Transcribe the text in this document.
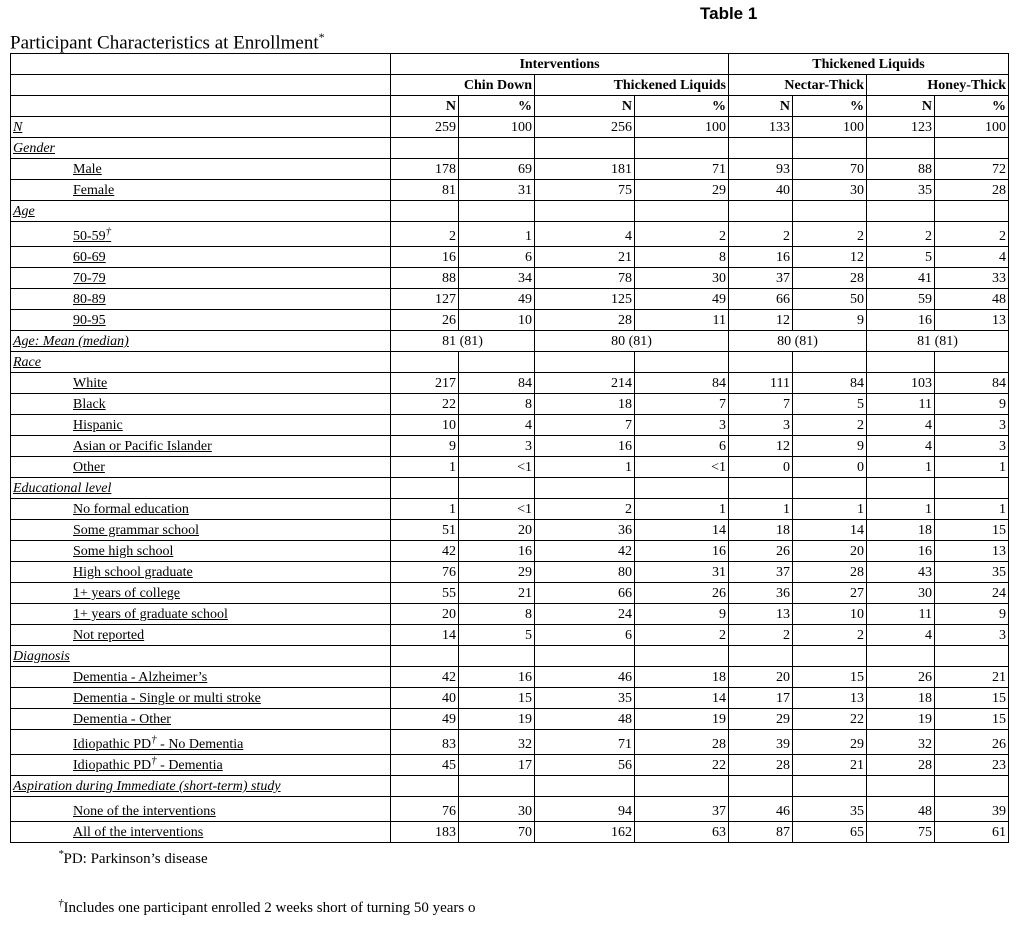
Table 1
Participant Characteristics at Enrollment*
	Interventions				Thickened Liquids			
	Chin Down		Thickened Liquids		Nectar-Thick		Honey-Thick	
	N	%	N	%	N	%	N	%
N	259	100	256	100	133	100	123	100
Gender								
Male	178	69	181	71	93	70	88	72
Female	81	31	75	29	40	30	35	28
Age								
50-59†	2	1	4	2	2	2	2	2
60-69	16	6	21	8	16	12	5	4
70-79	88	34	78	30	37	28	41	33
80-89	127	49	125	49	66	50	59	48
90-95	26	10	28	11	12	9	16	13
Age: Mean (median)	81 (81)		80 (81)		80 (81)		81 (81)	
Race								
White	217	84	214	84	111	84	103	84
Black	22	8	18	7	7	5	11	9
Hispanic	10	4	7	3	3	2	4	3
Asian or Pacific Islander	9	3	16	6	12	9	4	3
Other	1	<1	1	<1	0	0	1	1
Educational level								
No formal education	1	<1	2	1	1	1	1	1
Some grammar school	51	20	36	14	18	14	18	15
Some high school	42	16	42	16	26	20	16	13
High school graduate	76	29	80	31	37	28	43	35
1+ years of college	55	21	66	26	36	27	30	24
1+ years of graduate school	20	8	24	9	13	10	11	9
Not reported	14	5	6	2	2	2	4	3
Diagnosis								
Dementia - Alzheimer’s	42	16	46	18	20	15	26	21
Dementia - Single or multi stroke	40	15	35	14	17	13	18	15
Dementia - Other	49	19	48	19	29	22	19	15
Idiopathic PD† - No Dementia	83	32	71	28	39	29	32	26
Idiopathic PD† - Dementia	45	17	56	22	28	21	28	23
Aspiration during Immediate (short-term) study								
None of the interventions	76	30	94	37	46	35	48	39
All of the interventions	183	70	162	63	87	65	75	61
*PD: Parkinson’s disease
†Includes one participant enrolled 2 weeks short of turning 50 years o
